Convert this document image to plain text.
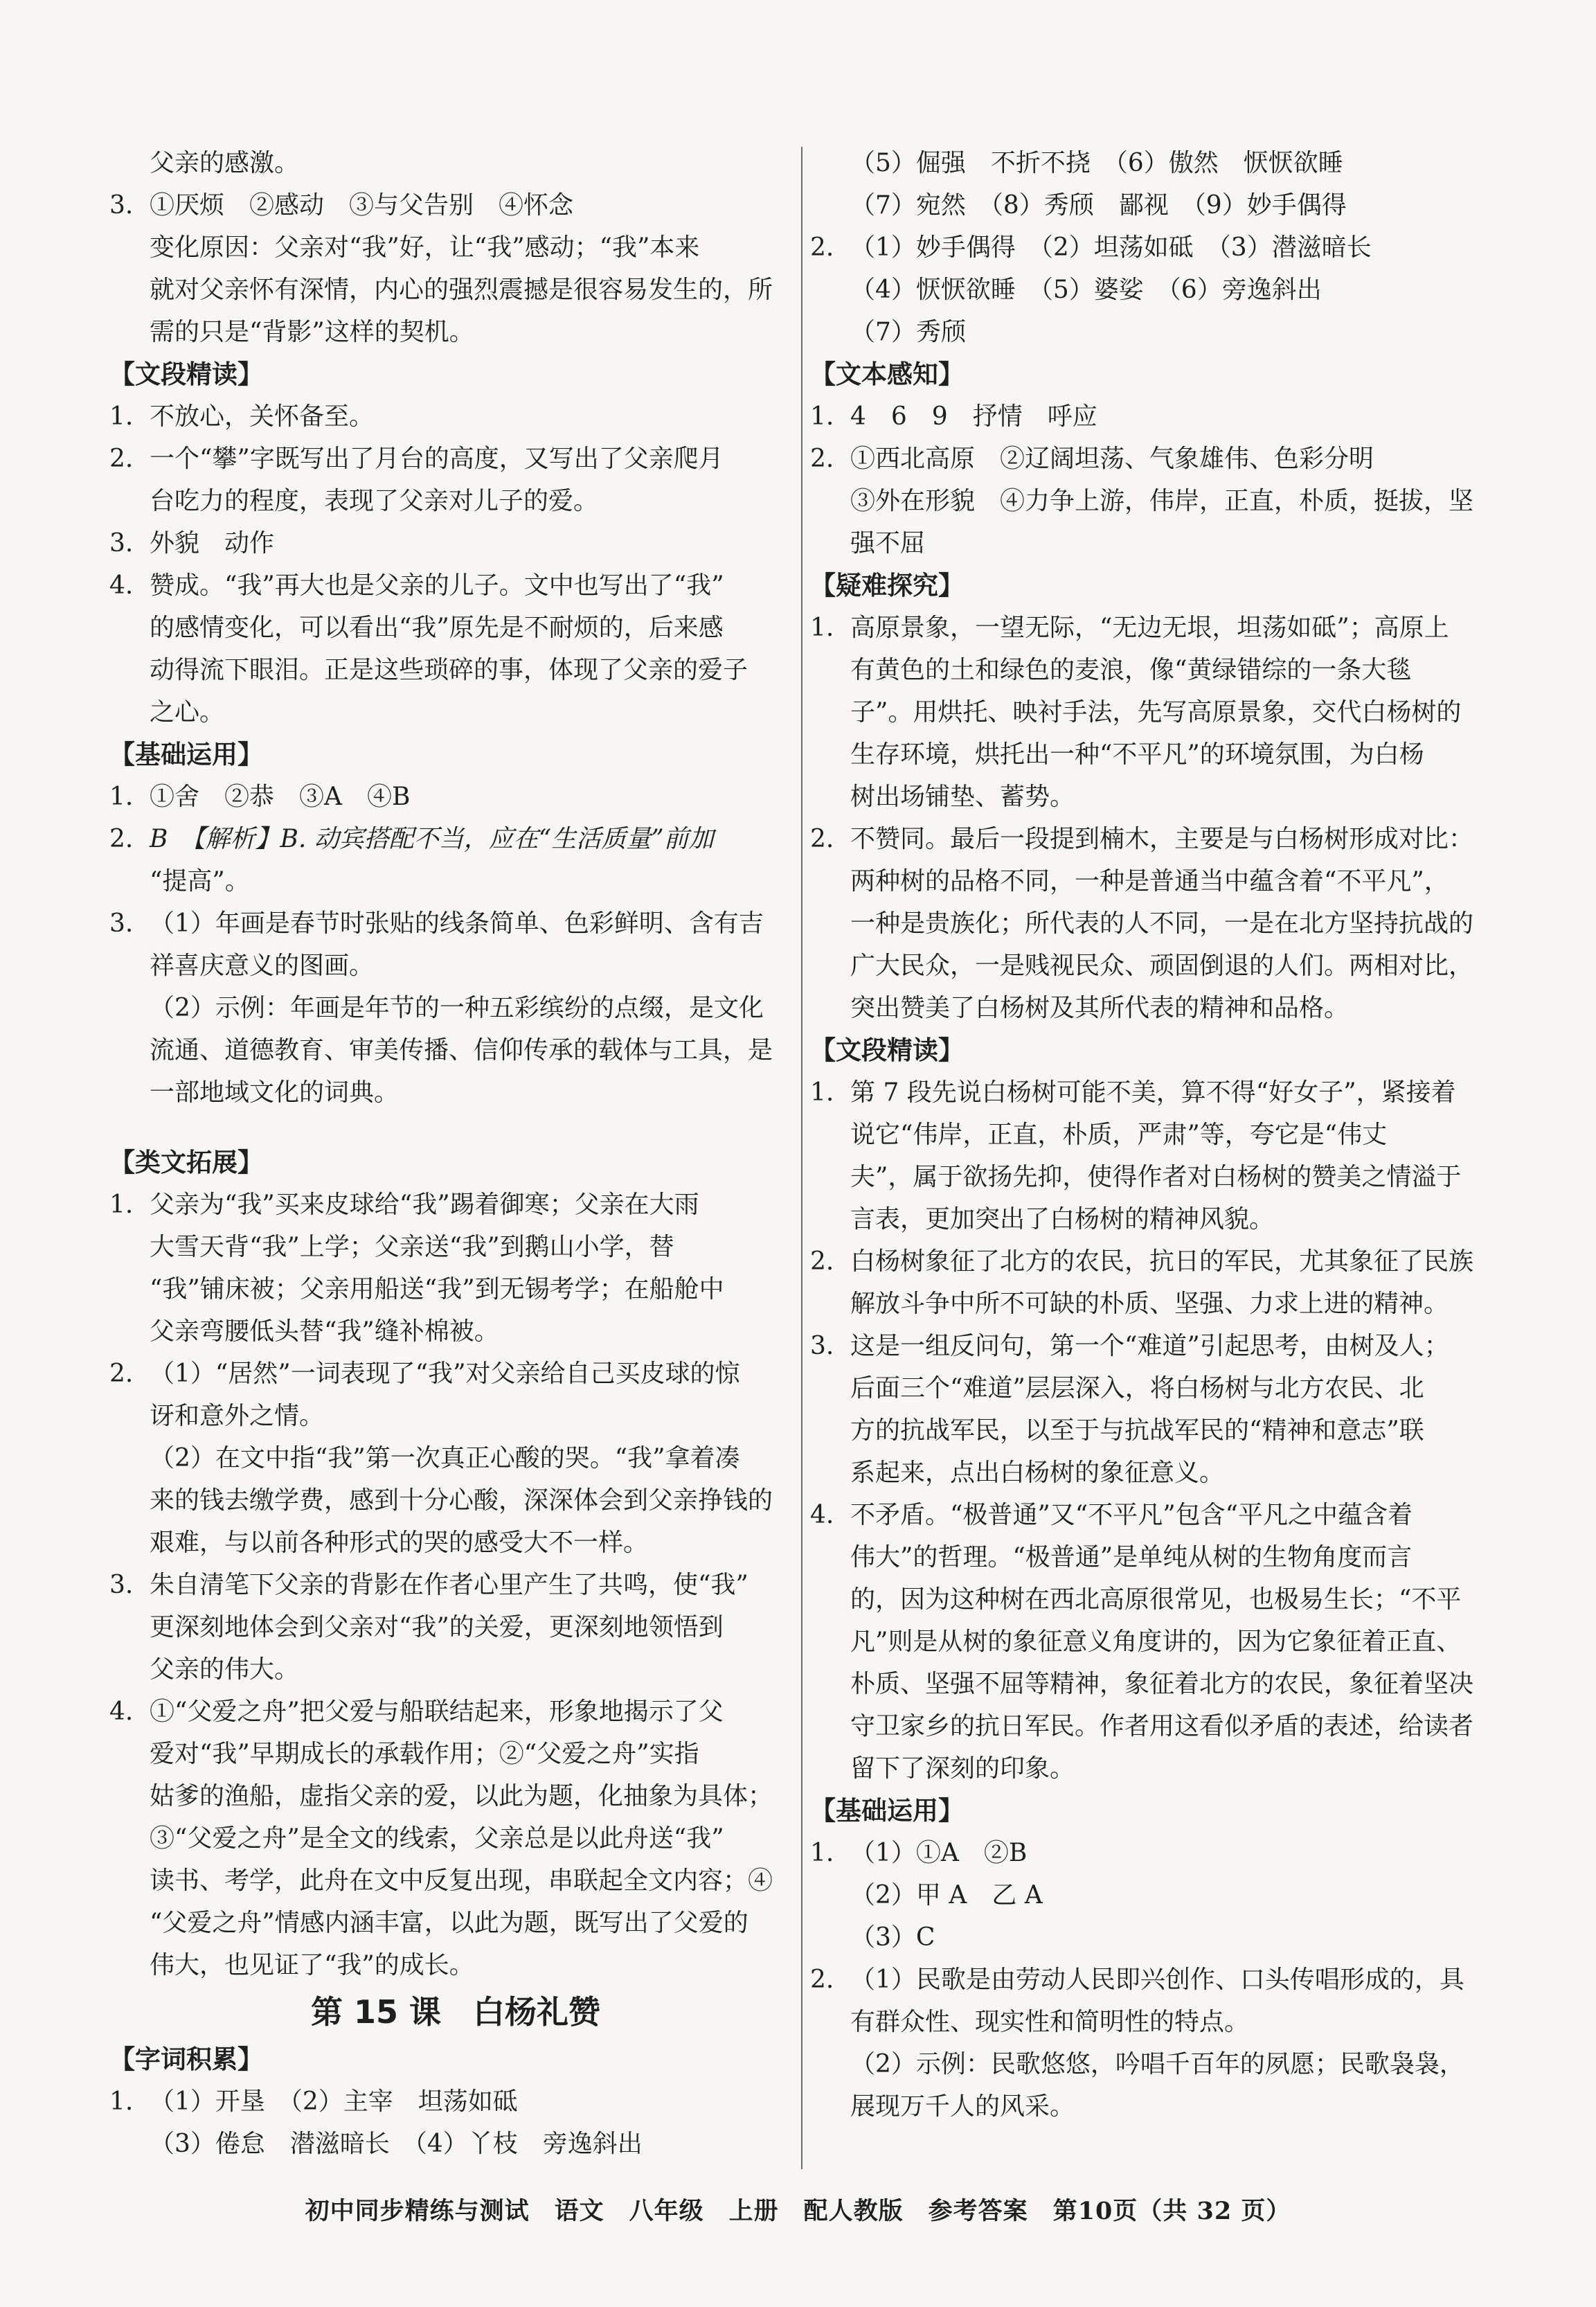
父亲的感激。
3. ①厌烦　②感动　③与父告别　④怀念
变化原因：父亲对“我”好，让“我”感动；“我”本来
就对父亲怀有深情，内心的强烈震撼是很容易发生的，所
需的只是“背影”这样的契机。
【文段精读】
1. 不放心，关怀备至。
2. 一个“攀”字既写出了月台的高度，又写出了父亲爬月
台吃力的程度，表现了父亲对儿子的爱。
3. 外貌　动作
4. 赞成。“我”再大也是父亲的儿子。文中也写出了“我”
的感情变化，可以看出“我”原先是不耐烦的，后来感
动得流下眼泪。正是这些琐碎的事，体现了父亲的爱子
之心。
【基础运用】
1. ①舍　②恭　③A　④B
2. B　【解析】B. 动宾搭配不当，应在“生活质量”前加
“提高”。
3. （1）年画是春节时张贴的线条简单、色彩鲜明、含有吉
祥喜庆意义的图画。
（2）示例：年画是年节的一种五彩缤纷的点缀，是文化
流通、道德教育、审美传播、信仰传承的载体与工具，是
一部地域文化的词典。
【类文拓展】
1. 父亲为“我”买来皮球给“我”踢着御寒；父亲在大雨
大雪天背“我”上学；父亲送“我”到鹅山小学，替
“我”铺床被；父亲用船送“我”到无锡考学；在船舱中
父亲弯腰低头替“我”缝补棉被。
2. （1）“居然”一词表现了“我”对父亲给自己买皮球的惊
讶和意外之情。
（2）在文中指“我”第一次真正心酸的哭。“我”拿着凑
来的钱去缴学费，感到十分心酸，深深体会到父亲挣钱的
艰难，与以前各种形式的哭的感受大不一样。
3. 朱自清笔下父亲的背影在作者心里产生了共鸣，使“我”
更深刻地体会到父亲对“我”的关爱，更深刻地领悟到
父亲的伟大。
4. ①“父爱之舟”把父爱与船联结起来，形象地揭示了父
爱对“我”早期成长的承载作用；②“父爱之舟”实指
姑爹的渔船，虚指父亲的爱，以此为题，化抽象为具体；
③“父爱之舟”是全文的线索，父亲总是以此舟送“我”
读书、考学，此舟在文中反复出现，串联起全文内容；④
“父爱之舟”情感内涵丰富，以此为题，既写出了父爱的
伟大，也见证了“我”的成长。
第 15 课　白杨礼赞
【字词积累】
1. （1）开垦　（2）主宰　坦荡如砥
（3）倦怠　潜滋暗长　（4）丫枝　旁逸斜出
（5）倔强　不折不挠　（6）傲然　恹恹欲睡
（7）宛然　（8）秀颀　鄙视　（9）妙手偶得
2. （1）妙手偶得　（2）坦荡如砥　（3）潜滋暗长
（4）恹恹欲睡　（5）婆娑　（6）旁逸斜出
（7）秀颀
【文本感知】
1. 4　6　9　抒情　呼应
2. ①西北高原　②辽阔坦荡、气象雄伟、色彩分明
③外在形貌　④力争上游，伟岸，正直，朴质，挺拔，坚
强不屈
【疑难探究】
1. 高原景象，一望无际，“无边无垠，坦荡如砥”；高原上
有黄色的土和绿色的麦浪，像“黄绿错综的一条大毯
子”。用烘托、映衬手法，先写高原景象，交代白杨树的
生存环境，烘托出一种“不平凡”的环境氛围，为白杨
树出场铺垫、蓄势。
2. 不赞同。最后一段提到楠木，主要是与白杨树形成对比：
两种树的品格不同，一种是普通当中蕴含着“不平凡”，
一种是贵族化；所代表的人不同，一是在北方坚持抗战的
广大民众，一是贱视民众、顽固倒退的人们。两相对比，
突出赞美了白杨树及其所代表的精神和品格。
【文段精读】
1. 第 7 段先说白杨树可能不美，算不得“好女子”，紧接着
说它“伟岸，正直，朴质，严肃”等，夸它是“伟丈
夫”，属于欲扬先抑，使得作者对白杨树的赞美之情溢于
言表，更加突出了白杨树的精神风貌。
2. 白杨树象征了北方的农民，抗日的军民，尤其象征了民族
解放斗争中所不可缺的朴质、坚强、力求上进的精神。
3. 这是一组反问句，第一个“难道”引起思考，由树及人；
后面三个“难道”层层深入，将白杨树与北方农民、北
方的抗战军民，以至于与抗战军民的“精神和意志”联
系起来，点出白杨树的象征意义。
4. 不矛盾。“极普通”又“不平凡”包含“平凡之中蕴含着
伟大”的哲理。“极普通”是单纯从树的生物角度而言
的，因为这种树在西北高原很常见，也极易生长；“不平
凡”则是从树的象征意义角度讲的，因为它象征着正直、
朴质、坚强不屈等精神，象征着北方的农民，象征着坚决
守卫家乡的抗日军民。作者用这看似矛盾的表述，给读者
留下了深刻的印象。
【基础运用】
1. （1）①A　②B
（2）甲 A　乙 A
（3）C
2. （1）民歌是由劳动人民即兴创作、口头传唱形成的，具
有群众性、现实性和简明性的特点。
（2）示例：民歌悠悠，吟唱千百年的夙愿；民歌袅袅，
展现万千人的风采。
初中同步精练与测试　语文　八年级　上册　配人教版　参考答案　第10页（共 32 页）
